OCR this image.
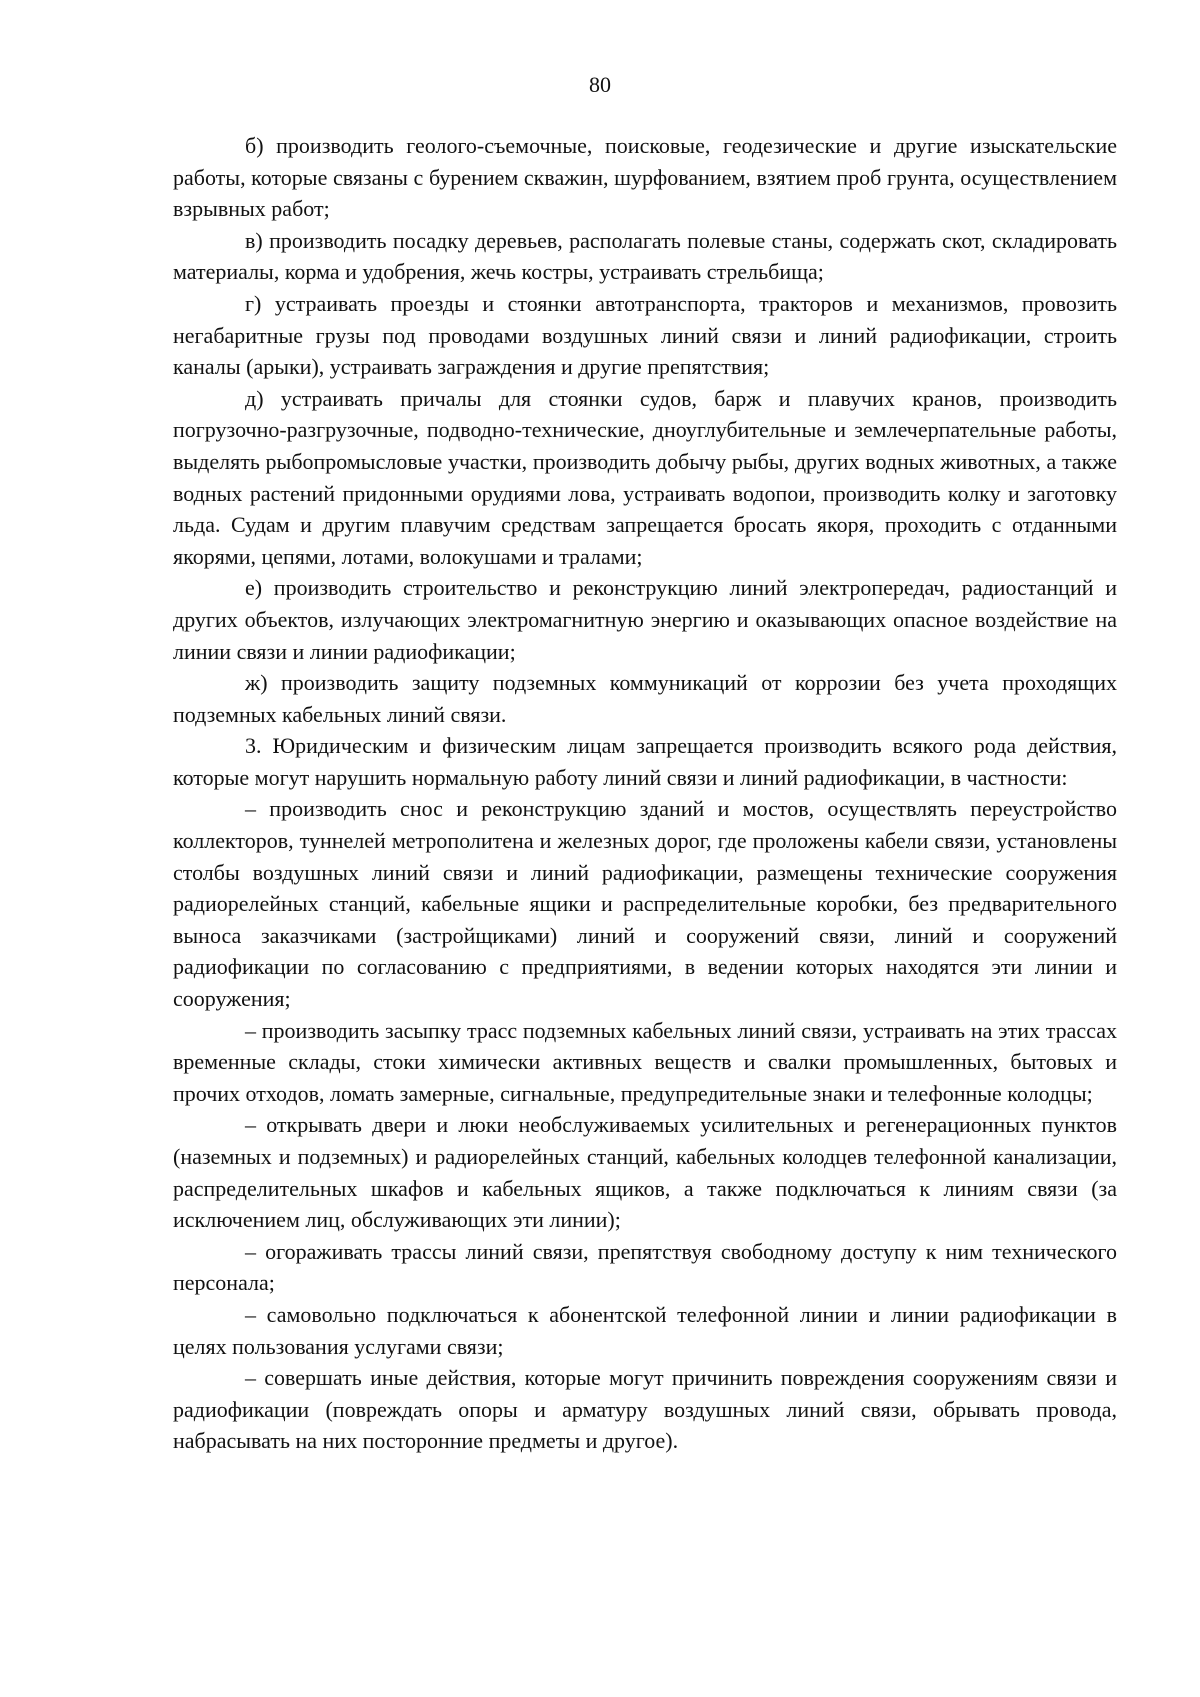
80

б) производить геолого-съемочные, поисковые, геодезические и другие изыскательские работы, которые связаны с бурением скважин, шурфованием, взятием проб грунта, осуществлением взрывных работ;

в) производить посадку деревьев, располагать полевые станы, содержать скот, складировать материалы, корма и удобрения, жечь костры, устраивать стрельбища;

г) устраивать проезды и стоянки автотранспорта, тракторов и механизмов, провозить негабаритные грузы под проводами воздушных линий связи и линий радиофикации, строить каналы (арыки), устраивать заграждения и другие препятствия;

д) устраивать причалы для стоянки судов, барж и плавучих кранов, производить погрузочно-разгрузочные, подводно-технические, дноуглубительные и землечерпательные работы, выделять рыбопромысловые участки, производить добычу рыбы, других водных животных, а также водных растений придонными орудиями лова, устраивать водопои, производить колку и заготовку льда. Судам и другим плавучим средствам запрещается бросать якоря, проходить с отданными якорями, цепями, лотами, волокушами и тралами;

е) производить строительство и реконструкцию линий электропередач, радиостанций и других объектов, излучающих электромагнитную энергию и оказывающих опасное воздействие на линии связи и линии радиофикации;

ж) производить защиту подземных коммуникаций от коррозии без учета проходящих подземных кабельных линий связи.

3. Юридическим и физическим лицам запрещается производить всякого рода действия, которые могут нарушить нормальную работу линий связи и линий радиофикации, в частности:

– производить снос и реконструкцию зданий и мостов, осуществлять переустройство коллекторов, туннелей метрополитена и железных дорог, где проложены кабели связи, установлены столбы воздушных линий связи и линий радиофикации, размещены технические сооружения радиорелейных станций, кабельные ящики и распределительные коробки, без предварительного выноса заказчиками (застройщиками) линий и сооружений связи, линий и сооружений радиофикации по согласованию с предприятиями, в ведении которых находятся эти линии и сооружения;

– производить засыпку трасс подземных кабельных линий связи, устраивать на этих трассах временные склады, стоки химически активных веществ и свалки промышленных, бытовых и прочих отходов, ломать замерные, сигнальные, предупредительные знаки и телефонные колодцы;

– открывать двери и люки необслуживаемых усилительных и регенерационных пунктов (наземных и подземных) и радиорелейных станций, кабельных колодцев телефонной канализации, распределительных шкафов и кабельных ящиков, а также подключаться к линиям связи (за исключением лиц, обслуживающих эти линии);

– огораживать трассы линий связи, препятствуя свободному доступу к ним технического персонала;

– самовольно подключаться к абонентской телефонной линии и линии радиофикации в целях пользования услугами связи;

– совершать иные действия, которые могут причинить повреждения сооружениям связи и радиофикации (повреждать опоры и арматуру воздушных линий связи, обрывать провода, набрасывать на них посторонние предметы и другое).
